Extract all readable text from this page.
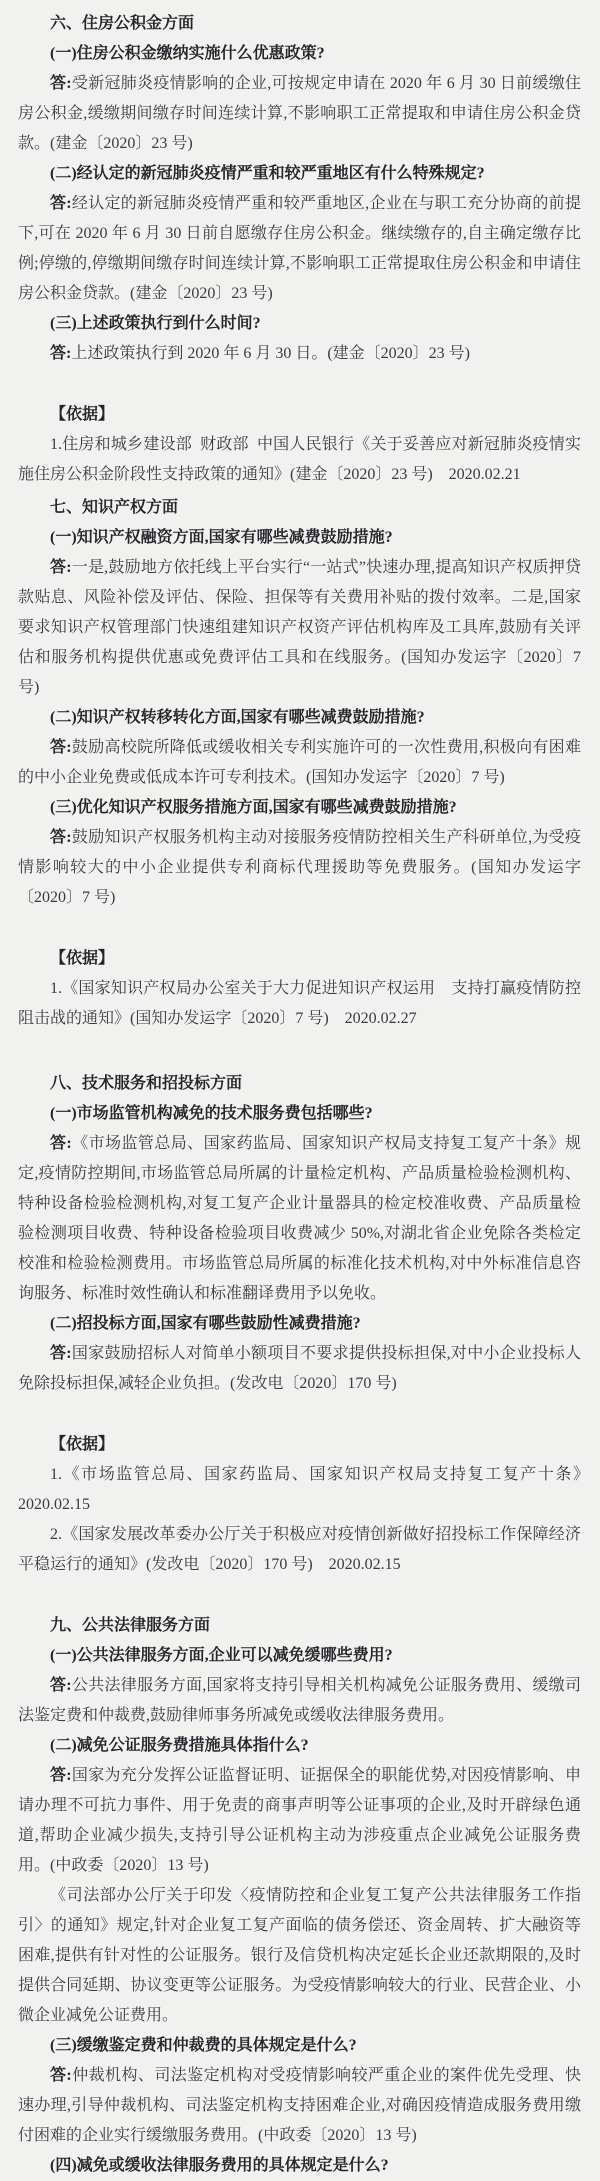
六、住房公积金方面

(一)住房公积金缴纳实施什么优惠政策?

答:受新冠肺炎疫情影响的企业,可按规定申请在 2020 年 6 月 30 日前缓缴住房公积金,缓缴期间缴存时间连续计算,不影响职工正常提取和申请住房公积金贷款。(建金〔2020〕23 号)

(二)经认定的新冠肺炎疫情严重和较严重地区有什么特殊规定?

答:经认定的新冠肺炎疫情严重和较严重地区,企业在与职工充分协商的前提下,可在 2020 年 6 月 30 日前自愿缴存住房公积金。继续缴存的,自主确定缴存比例;停缴的,停缴期间缴存时间连续计算,不影响职工正常提取住房公积金和申请住房公积金贷款。(建金〔2020〕23 号)

(三)上述政策执行到什么时间?

答:上述政策执行到 2020 年 6 月 30 日。(建金〔2020〕23 号)

【依据】

1.住房和城乡建设部 财政部 中国人民银行《关于妥善应对新冠肺炎疫情实施住房公积金阶段性支持政策的通知》(建金〔2020〕23 号)　2020.02.21

七、知识产权方面

(一)知识产权融资方面,国家有哪些减费鼓励措施?

答:一是,鼓励地方依托线上平台实行“一站式”快速办理,提高知识产权质押贷款贴息、风险补偿及评估、保险、担保等有关费用补贴的拨付效率。二是,国家要求知识产权管理部门快速组建知识产权资产评估机构库及工具库,鼓励有关评估和服务机构提供优惠或免费评估工具和在线服务。(国知办发运字〔2020〕7 号)

(二)知识产权转移转化方面,国家有哪些减费鼓励措施?

答:鼓励高校院所降低或缓收相关专利实施许可的一次性费用,积极向有困难的中小企业免费或低成本许可专利技术。(国知办发运字〔2020〕7 号)

(三)优化知识产权服务措施方面,国家有哪些减费鼓励措施?

答:鼓励知识产权服务机构主动对接服务疫情防控相关生产科研单位,为受疫情影响较大的中小企业提供专利商标代理援助等免费服务。(国知办发运字〔2020〕7 号)

【依据】

1.《国家知识产权局办公室关于大力促进知识产权运用　支持打赢疫情防控阻击战的通知》(国知办发运字〔2020〕7 号)　2020.02.27

八、技术服务和招投标方面

(一)市场监管机构减免的技术服务费包括哪些?

答:《市场监管总局、国家药监局、国家知识产权局支持复工复产十条》规定,疫情防控期间,市场监管总局所属的计量检定机构、产品质量检验检测机构、特种设备检验检测机构,对复工复产企业计量器具的检定校准收费、产品质量检验检测项目收费、特种设备检验项目收费减少 50%,对湖北省企业免除各类检定校准和检验检测费用。市场监管总局所属的标准化技术机构,对中外标准信息咨询服务、标准时效性确认和标准翻译费用予以免收。

(二)招投标方面,国家有哪些鼓励性减费措施?

答:国家鼓励招标人对简单小额项目不要求提供投标担保,对中小企业投标人免除投标担保,减轻企业负担。(发改电〔2020〕170 号)

【依据】

1.《市场监管总局、国家药监局、国家知识产权局支持复工复产十条》　2020.02.15

2.《国家发展改革委办公厅关于积极应对疫情创新做好招投标工作保障经济平稳运行的通知》(发改电〔2020〕170 号)　2020.02.15

九、公共法律服务方面

(一)公共法律服务方面,企业可以减免缓哪些费用?

答:公共法律服务方面,国家将支持引导相关机构减免公证服务费用、缓缴司法鉴定费和仲裁费,鼓励律师事务所减免或缓收法律服务费用。

(二)减免公证服务费措施具体指什么?

答:国家为充分发挥公证监督证明、证据保全的职能优势,对因疫情影响、申请办理不可抗力事件、用于免责的商事声明等公证事项的企业,及时开辟绿色通道,帮助企业减少损失,支持引导公证机构主动为涉疫重点企业减免公证服务费用。(中政委〔2020〕13 号)

《司法部办公厅关于印发〈疫情防控和企业复工复产公共法律服务工作指引〉的通知》规定,针对企业复工复产面临的债务偿还、资金周转、扩大融资等困难,提供有针对性的公证服务。银行及信贷机构决定延长企业还款期限的,及时提供合同延期、协议变更等公证服务。为受疫情影响较大的行业、民营企业、小微企业减免公证费用。

(三)缓缴鉴定费和仲裁费的具体规定是什么?

答:仲裁机构、司法鉴定机构对受疫情影响较严重企业的案件优先受理、快速办理,引导仲裁机构、司法鉴定机构支持困难企业,对确因疫情造成服务费用缴付困难的企业实行缓缴服务费用。(中政委〔2020〕13 号)

(四)减免或缓收法律服务费用的具体规定是什么?
